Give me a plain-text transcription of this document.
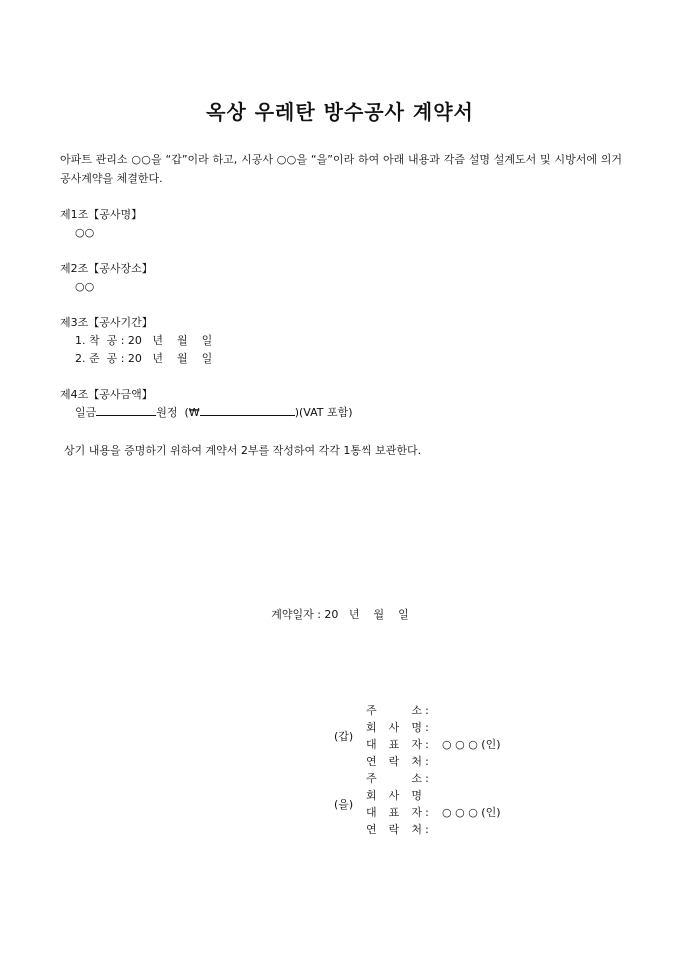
옥상 우레탄 방수공사 계약서
아파트 관리소 ○○을 “갑”이라 하고, 시공사 ○○을 “을”이라 하여 아래 내용과 각즘 설명 설계도서 및 시방서에 의거 공사계약을 체결한다.
제1조【공사명】
○○
제2조【공사장소】
○○
제3조【공사기간】
1. 착  공 : 20   년    월    일
2. 준  공 : 20   년    월    일
제4조【공사금액】
일금	원정  (₩	)(VAT 포함)
상기 내용을 증명하기 위하여 계약서 2부를 작성하여 각각 1통씩 보관한다.
계약일자 : 20   년    월    일
(갑)
주    소 :
회 사 명 :
대 표 자 :
연 락 처 :
○ ○ ○ (인)
(을)
주    소 :
회 사 명
대 표 자 :
연 락 처 :
○ ○ ○ (인)
